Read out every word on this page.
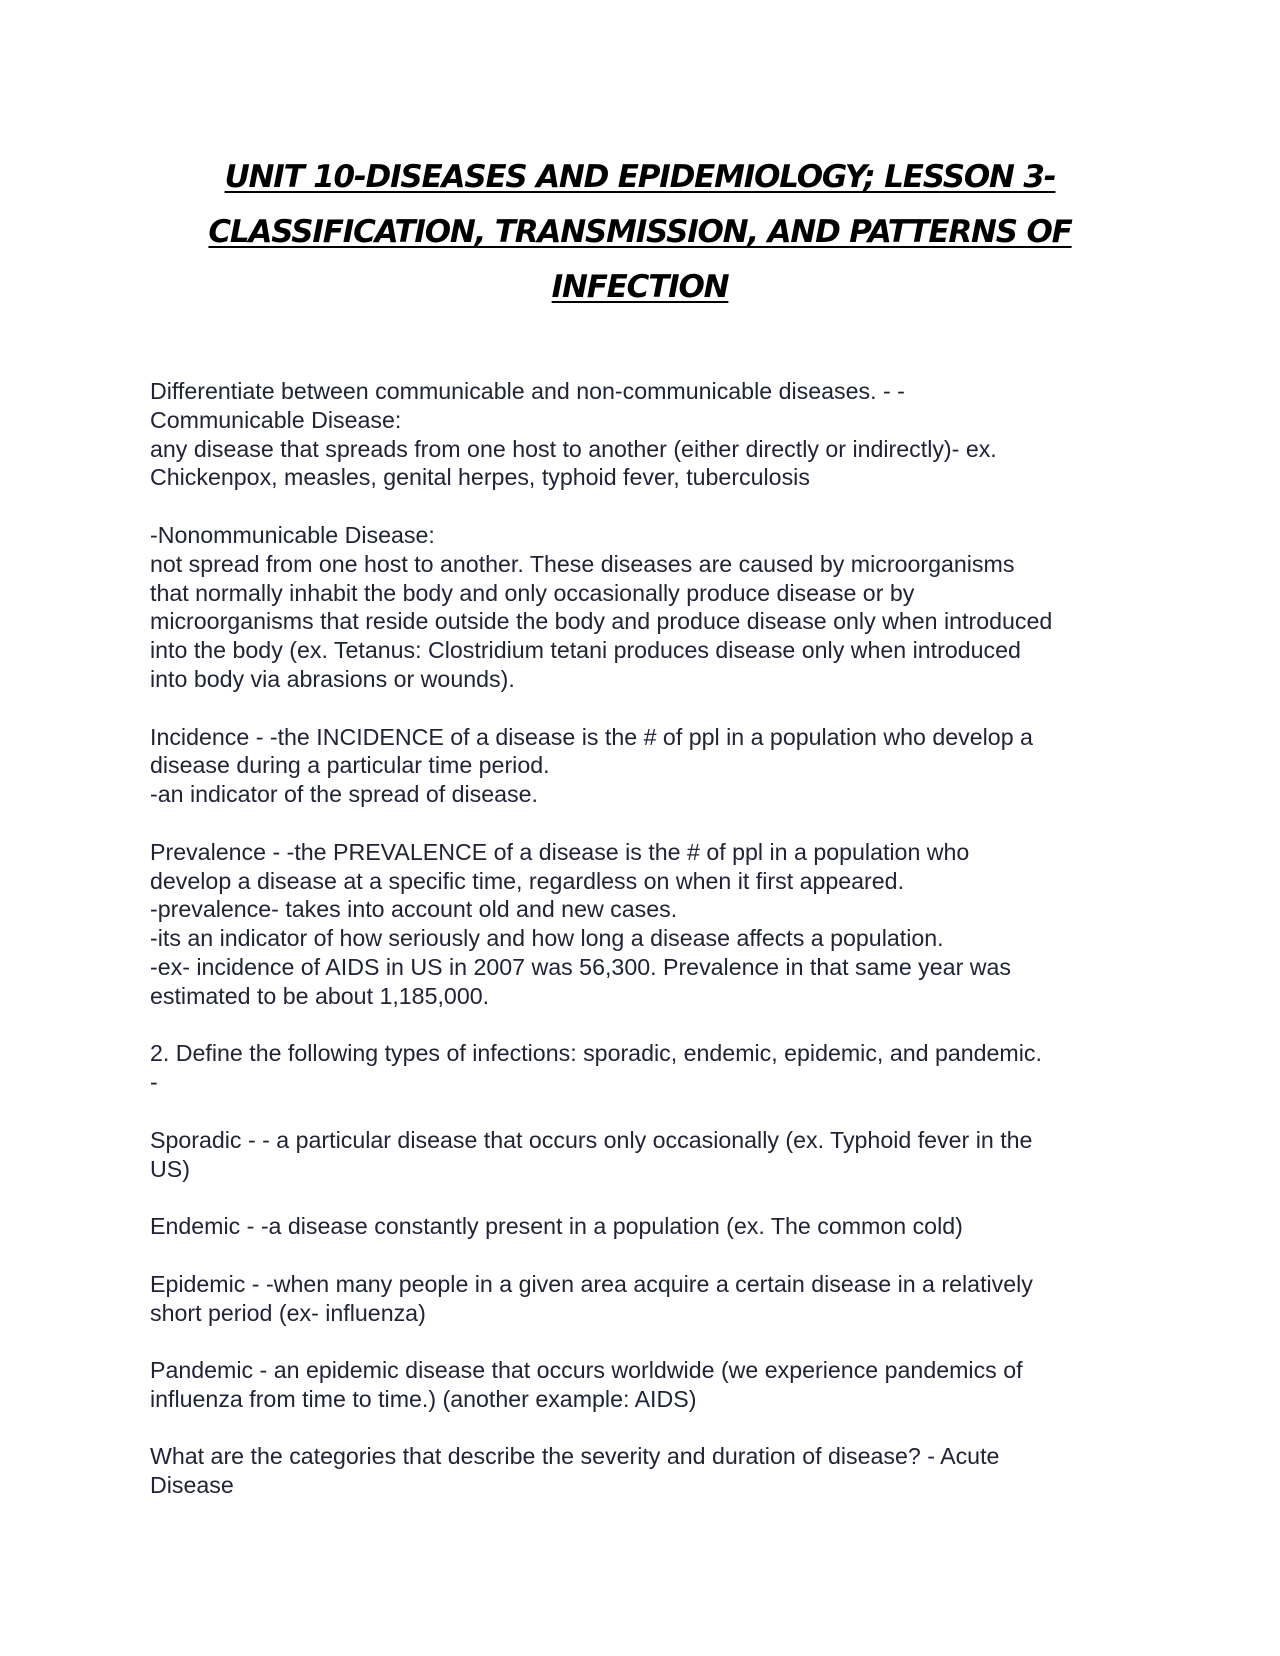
UNIT 10-DISEASES AND EPIDEMIOLOGY; LESSON 3-CLASSIFICATION, TRANSMISSION, AND PATTERNS OF INFECTION

Differentiate between communicable and non-communicable diseases. - -

Communicable Disease:

any disease that spreads from one host to another (either directly or indirectly)- ex.

Chickenpox, measles, genital herpes, typhoid fever, tuberculosis

-Nonommunicable Disease:

not spread from one host to another. These diseases are caused by microorganisms

that normally inhabit the body and only occasionally produce disease or by

microorganisms that reside outside the body and produce disease only when introduced

into the body (ex. Tetanus: Clostridium tetani produces disease only when introduced

into body via abrasions or wounds).

Incidence - -the INCIDENCE of a disease is the # of ppl in a population who develop a

disease during a particular time period.

-an indicator of the spread of disease.

Prevalence - -the PREVALENCE of a disease is the # of ppl in a population who

develop a disease at a specific time, regardless on when it first appeared.

-prevalence- takes into account old and new cases.

-its an indicator of how seriously and how long a disease affects a population.

-ex- incidence of AIDS in US in 2007 was 56,300. Prevalence in that same year was

estimated to be about 1,185,000.

2. Define the following types of infections: sporadic, endemic, epidemic, and pandemic.

-

Sporadic - - a particular disease that occurs only occasionally (ex. Typhoid fever in the

US)

Endemic - -a disease constantly present in a population (ex. The common cold)

Epidemic - -when many people in a given area acquire a certain disease in a relatively

short period (ex- influenza)

Pandemic - an epidemic disease that occurs worldwide (we experience pandemics of

influenza from time to time.) (another example: AIDS)

What are the categories that describe the severity and duration of disease? - Acute

Disease
